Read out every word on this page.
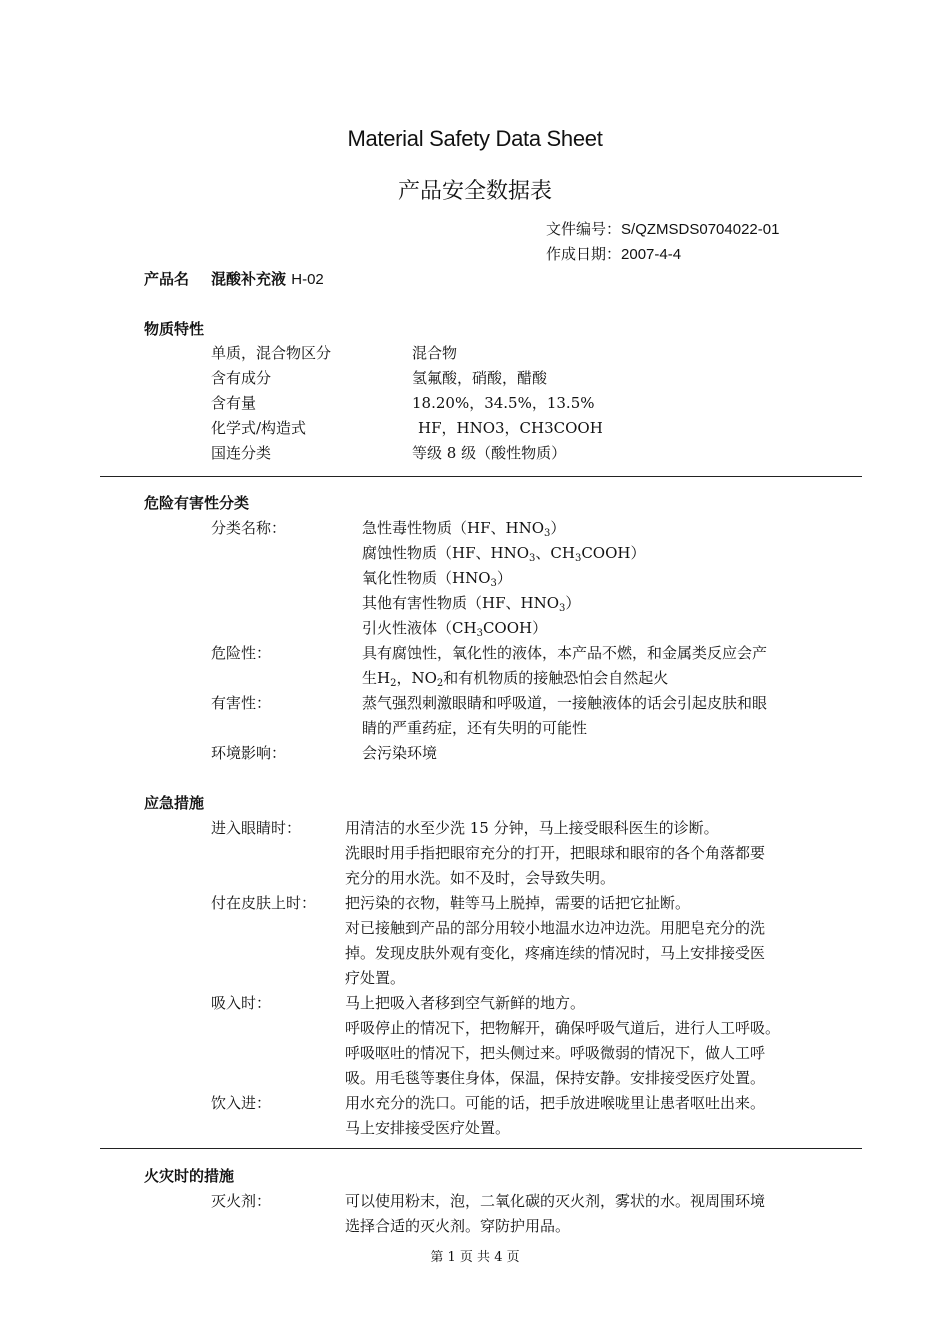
Material Safety Data Sheet
产品安全数据表
文件编号：S/QZMSDS0704022-01
作成日期：2007-4-4
产品名 混酸补充液 H-02
物质特性
单质，混合物区分	混合物
含有成分	氢氟酸，硝酸，醋酸
含有量	18.20%，34.5%，13.5%
化学式/构造式	HF，HNO3，CH3COOH
国连分类	等级 8 级（酸性物质）
危险有害性分类
分类名称：	急性毒性物质（HF、$HNO_3$）
腐蚀性物质（HF、$HNO_3$、$CH_3COOH$）
氧化性物质$(HNO_3)$
其他有害性物质（HF、$HNO_3$）
引火性液体$(CH_3COOH)$
危险性：	具有腐蚀性，氧化性的液体，本产品不燃，和金属类反应会产
生$H_2$，$NO_2$和有机物质的接触恐怕会自然起火
有害性：	蒸气强烈刺激眼睛和呼吸道，一接触液体的话会引起皮肤和眼
睛的严重药症，还有失明的可能性
环境影响：	会污染环境
应急措施
进入眼睛时：	用清洁的水至少洗 15 分钟，马上接受眼科医生的诊断。
洗眼时用手指把眼帘充分的打开，把眼球和眼帘的各个角落都要
充分的用水洗。如不及时，会导致失明。
付在皮肤上时： 把污染的衣物，鞋等马上脱掉，需要的话把它扯断。
对已接触到产品的部分用较小地温水边冲边洗。用肥皂充分的洗
掉。发现皮肤外观有变化，疼痛连续的情况时，马上安排接受医
疗处置。
吸入时：	马上把吸入者移到空气新鲜的地方。
呼吸停止的情况下，把物解开，确保呼吸气道后，进行人工呼吸。
呼吸呕吐的情况下，把头侧过来。呼吸微弱的情况下，做人工呼
吸。用毛毯等裹住身体，保温，保持安静。安排接受医疗处置。
饮入进：	用水充分的洗口。可能的话，把手放进喉咙里让患者呕吐出来。
马上安排接受医疗处置。
火灾时的措施
灭火剂：	可以使用粉末，泡，二氧化碳的灭火剂，雾状的水。视周围环境
选择合适的灭火剂。穿防护用品。
第 1 页 共 4 页
